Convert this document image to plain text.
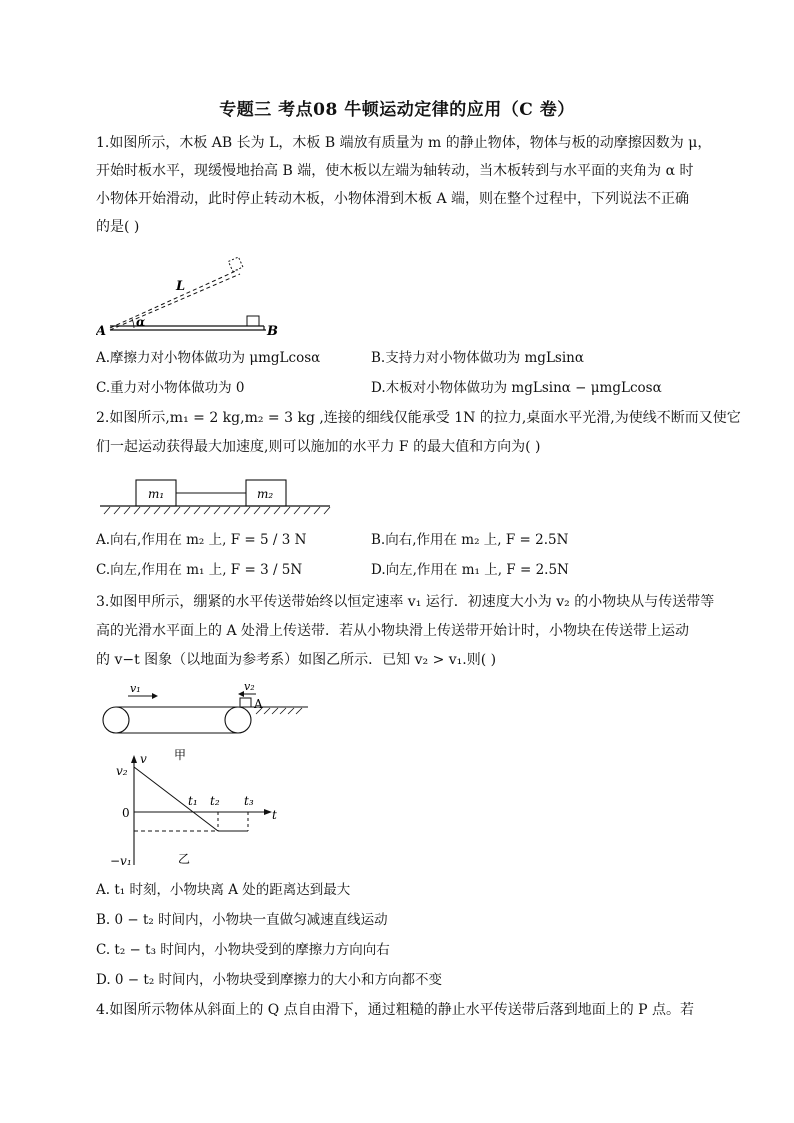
专题三 考点08 牛顿运动定律的应用（C 卷）
1.如图所示，木板 AB 长为 L，木板 B 端放有质量为 m 的静止物体，物体与板的动摩擦因数为 μ，
开始时板水平，现缓慢地抬高 B 端，使木板以左端为轴转动，当木板转到与水平面的夹角为 α 时
小物体开始滑动，此时停止转动木板，小物体滑到木板 A 端，则在整个过程中，下列说法不正确
的是( )
L
α
A	B
A.摩擦力对小物体做功为 μmgLcosα	B.支持力对小物体做功为 mgLsinα
C.重力对小物体做功为 0	D.木板对小物体做功为 mgLsinα − μmgLcosα
2.如图所示,m₁ = 2 kg,m₂ = 3 kg ,连接的细线仅能承受 1N 的拉力,桌面水平光滑,为使线不断而又使它
们一起运动获得最大加速度,则可以施加的水平力 F 的最大值和方向为( )
m₁	m₂
A.向右,作用在 m₂ 上, F = 5 / 3 N	B.向右,作用在 m₂ 上, F = 2.5N
C.向左,作用在 m₁ 上, F = 3 / 5N	D.向左,作用在 m₁ 上, F = 2.5N
3.如图甲所示，绷紧的水平传送带始终以恒定速率 v₁ 运行．初速度大小为 v₂ 的小物块从与传送带等
高的光滑水平面上的 A 处滑上传送带．若从小物块滑上传送带开始计时，小物块在传送带上运动
的 v−t 图象（以地面为参考系）如图乙所示．已知 v₂ > v₁.则( )
v₁	v₂
A
v 甲
v₂
0
t₁ t₂ t₃
t
−v₁	乙
A. t₁ 时刻，小物块离 A 处的距离达到最大
B. 0 − t₂ 时间内，小物块一直做匀减速直线运动
C. t₂ − t₃ 时间内，小物块受到的摩擦力方向向右
D. 0 − t₂ 时间内，小物块受到摩擦力的大小和方向都不变
4.如图所示物体从斜面上的 Q 点自由滑下，通过粗糙的静止水平传送带后落到地面上的 P 点。若
